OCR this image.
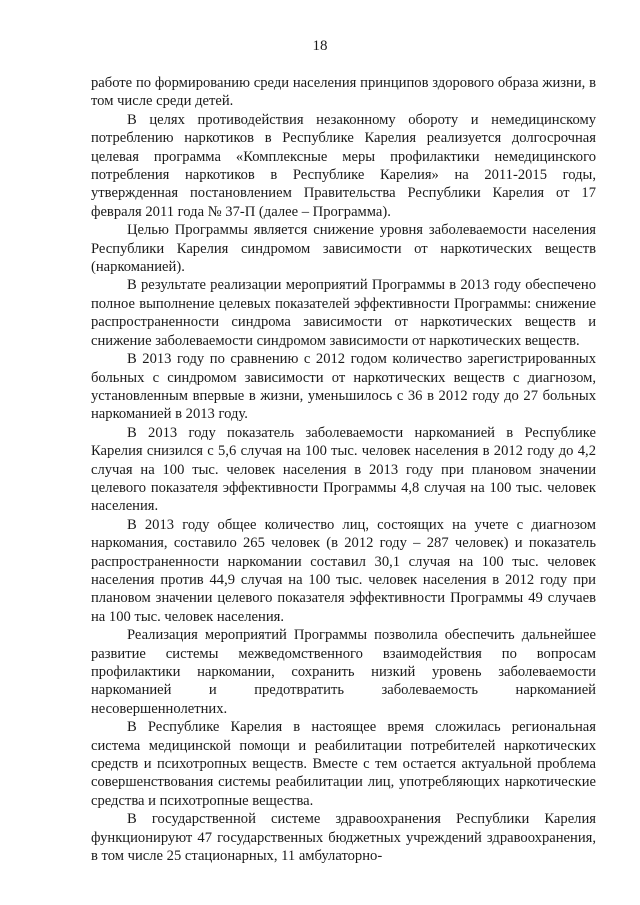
18

работе по формированию среди населения принципов здорового образа жизни, в том числе среди детей.

В целях противодействия незаконному обороту и немедицинскому потреблению наркотиков в Республике Карелия реализуется долгосрочная целевая программа «Комплексные меры профилактики немедицинского потребления наркотиков в Республике Карелия» на 2011-2015 годы, утвержденная постановлением Правительства Республики Карелия от 17 февраля 2011 года № 37-П (далее – Программа).

Целью Программы является снижение уровня заболеваемости населения Республики Карелия синдромом зависимости от наркотических веществ (наркоманией).

В результате реализации мероприятий Программы в 2013 году обеспечено полное выполнение целевых показателей эффективности Программы: снижение распространенности синдрома зависимости от наркотических веществ и снижение заболеваемости синдромом зависимости от наркотических веществ.

В 2013 году по сравнению с 2012 годом количество зарегистрированных больных с синдромом зависимости от наркотических веществ с диагнозом, установленным впервые в жизни, уменьшилось с 36 в 2012 году до 27 больных наркоманией в 2013 году.

В 2013 году показатель заболеваемости наркоманией в Республике Карелия снизился с 5,6 случая на 100 тыс. человек населения в 2012 году до 4,2 случая на 100 тыс. человек населения в 2013 году при плановом значении целевого показателя эффективности Программы 4,8 случая на 100 тыс. человек населения.

В 2013 году общее количество лиц, состоящих на учете с диагнозом наркомания, составило 265 человек (в 2012 году – 287 человек) и показатель распространенности наркомании составил 30,1 случая на 100 тыс. человек населения против 44,9 случая на 100 тыс. человек населения в 2012 году при плановом значении целевого показателя эффективности Программы 49 случаев на 100 тыс. человек населения.

Реализация мероприятий Программы позволила обеспечить дальнейшее развитие системы межведомственного взаимодействия по вопросам профилактики наркомании, сохранить низкий уровень заболеваемости наркоманией и предотвратить заболеваемость наркоманией несовершеннолетних.

В Республике Карелия в настоящее время сложилась региональная система медицинской помощи и реабилитации потребителей наркотических средств и психотропных веществ. Вместе с тем остается актуальной проблема совершенствования системы реабилитации лиц, употребляющих наркотические средства и психотропные вещества.

В государственной системе здравоохранения Республики Карелия функционируют 47 государственных бюджетных учреждений здравоохранения, в том числе 25 стационарных, 11 амбулаторно-
